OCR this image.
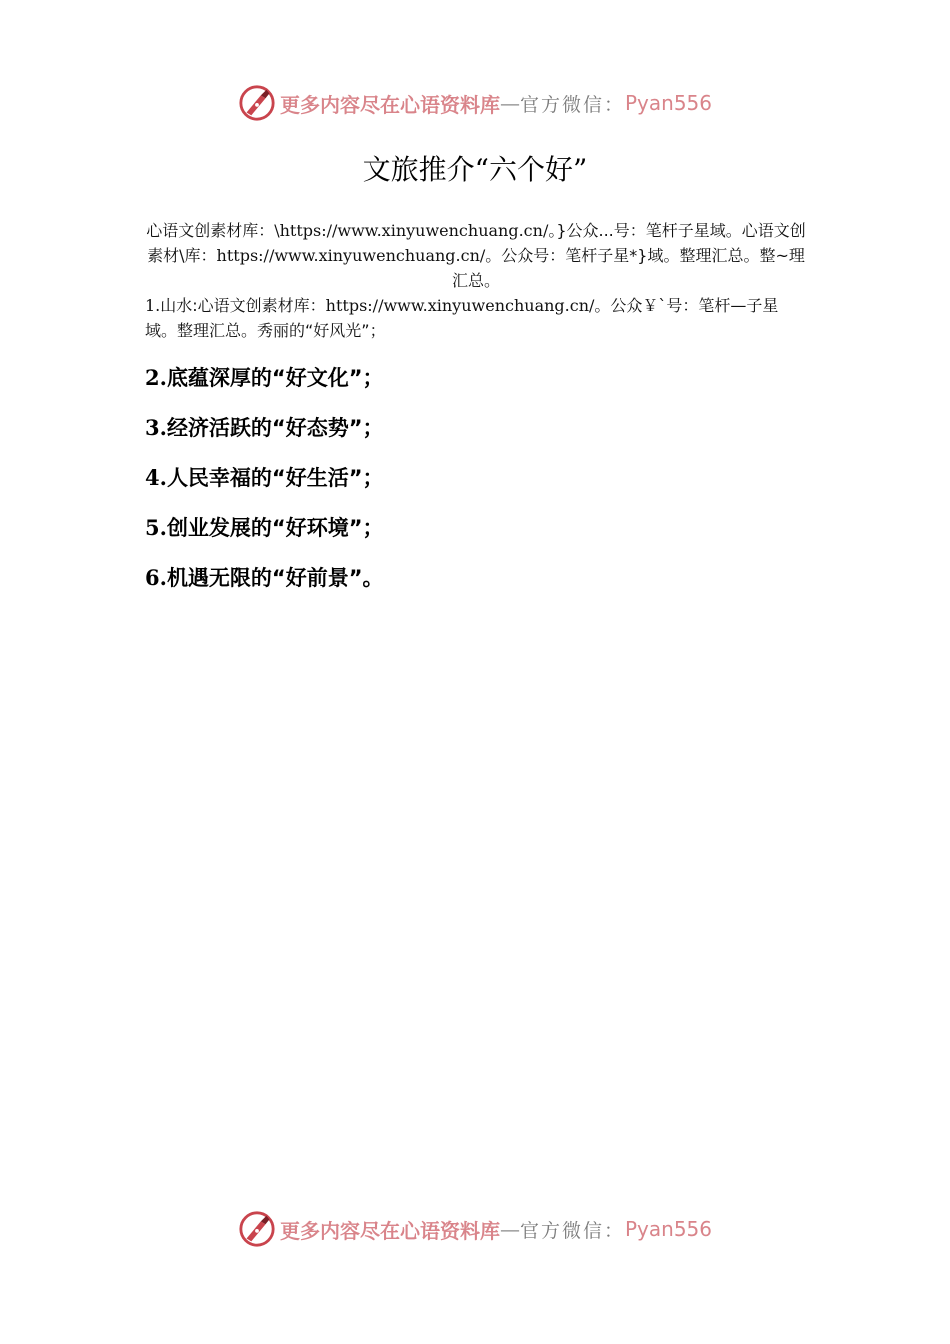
更多内容尽在心语资料库 — 官方微信： Pyan556
文旅推介“六个好”

心语文创素材库：\https://www.xinyuwenchuang.cn/。}公众...号：笔杆子星域。心语文创素材\库：https://www.xinyuwenchuang.cn/。公众号：笔杆子星*}域。整理汇总。整~理汇总。

1.山水:心语文创素材库：https://www.xinyuwenchuang.cn/。公众￥`号：笔杆—子星域。整理汇总。秀丽的“好风光”；

2. 底蕴深厚的“好文化”；
3. 经济活跃的“好态势”；
4. 人民幸福的“好生活”；
5. 创业发展的“好环境”；
6. 机遇无限的“好前景”。
更多内容尽在心语资料库 — 官方微信： Pyan556
